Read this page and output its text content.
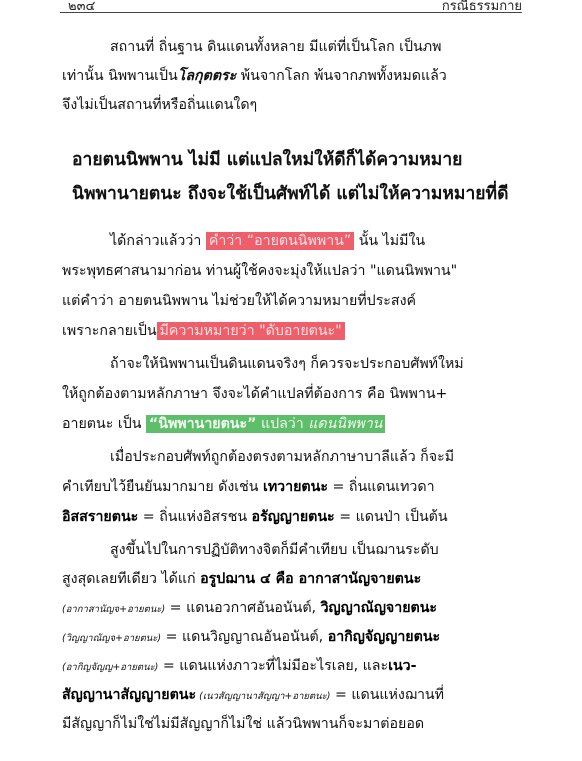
๒๓๔	กรณีธรรมกาย
สถานที่ ถิ่นฐาน ดินแดนทั้งหลาย มีแต่ที่เป็นโลก เป็นภพ
เท่านั้น นิพพานเป็นโลกุตตระ พ้นจากโลก พ้นจากภพทั้งหมดแล้ว
จึงไม่เป็นสถานที่หรือถิ่นแดนใดๆ
อายตนนิพพาน ไม่มี แต่แปลใหม่ให้ดีก็ได้ความหมาย
นิพพานายตนะ ถึงจะใช้เป็นศัพท์ได้ แต่ไม่ให้ความหมายที่ดี
ได้กล่าวแล้วว่า คำว่า “อายตนนิพพาน” นั้น ไม่มีใน
พระพุทธศาสนามาก่อน ท่านผู้ใช้คงจะมุ่งให้แปลว่า "แดนนิพพาน"
แต่คำว่า อายตนนิพพาน ไม่ช่วยให้ได้ความหมายที่ประสงค์
เพราะกลายเป็น มีความหมายว่า "ดับอายตนะ"
ถ้าจะให้นิพพานเป็นดินแดนจริงๆ ก็ควรจะประกอบศัพท์ใหม่
ให้ถูกต้องตามหลักภาษา จึงจะได้คำแปลที่ต้องการ คือ นิพพาน+
อายตนะ เป็น “นิพพานายตนะ” แปลว่า แดนนิพพาน
เมื่อประกอบศัพท์ถูกต้องตรงตามหลักภาษาบาลีแล้ว ก็จะมี
คำเทียบไว้ยืนยันมากมาย ดังเช่น เทวายตนะ = ถิ่นแดนเทวดา
อิสสรายตนะ = ถิ่นแห่งอิสรชน อรัญญายตนะ = แดนป่า เป็นต้น
สูงขึ้นไปในการปฏิบัติทางจิตก็มีคำเทียบ เป็นฌานระดับ
สูงสุดเลยทีเดียว ได้แก่ อรูปฌาน ๔ คือ อากาสานัญจายตนะ
(อากาสานัญจ+อายตนะ) = แดนอวกาศอันอนันต์, วิญญาณัญจายตนะ
(วิญญาณัญจ+อายตนะ) = แดนวิญญาณอันอนันต์, อากิญจัญญายตนะ
(อากิญจัญญ+อายตนะ) = แดนแห่งภาวะที่ไม่มีอะไรเลย, และเนว-
สัญญานาสัญญายตนะ (เนวสัญญานาสัญญา+อายตนะ) = แดนแห่งฌานที่
มีสัญญาก็ไม่ใช่ไม่มีสัญญาก็ไม่ใช่ แล้วนิพพานก็จะมาต่อยอด
